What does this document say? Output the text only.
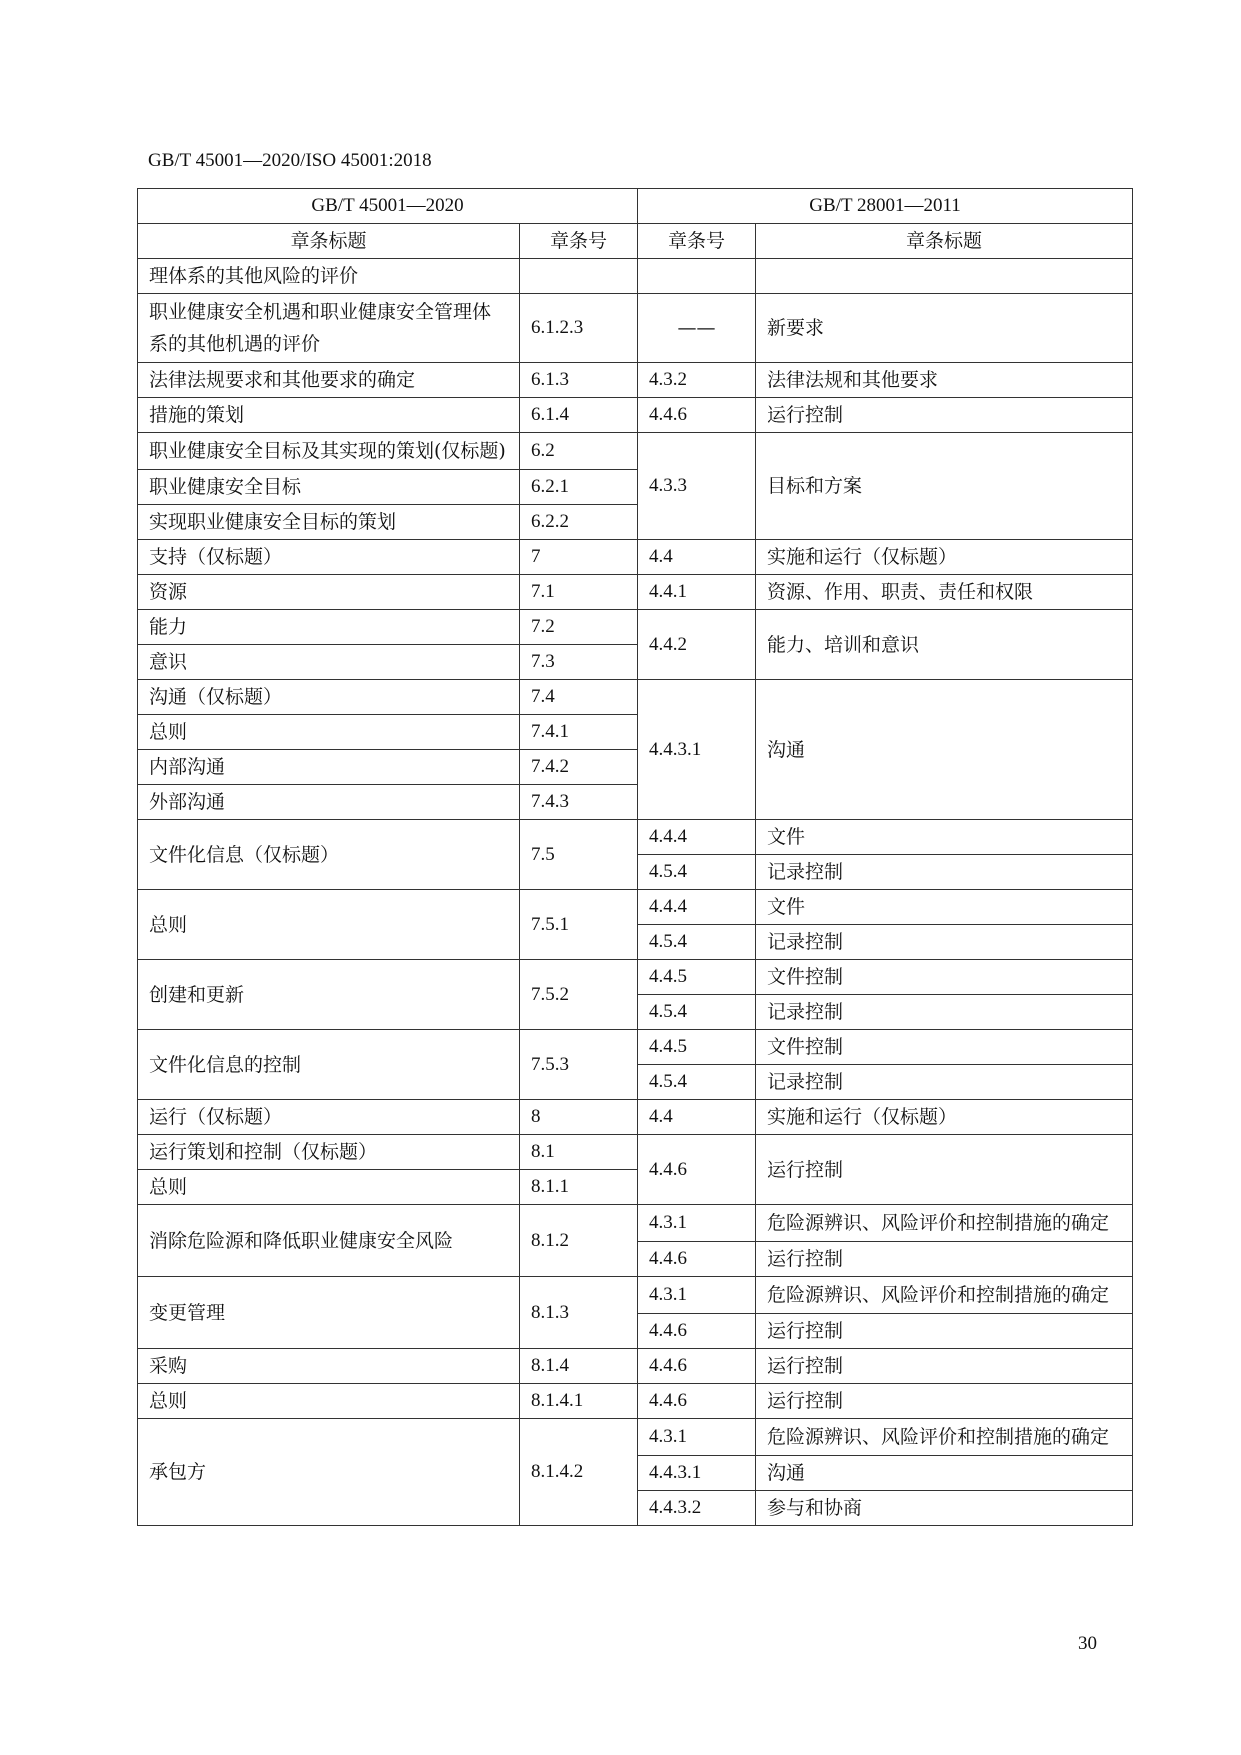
GB/T 45001—2020/ISO 45001:2018
GB/T 45001—2020		GB/T 28001—2011	
章条标题	章条号	章条号	章条标题
理体系的其他风险的评价			
职业健康安全机遇和职业健康安全管理体系的其他机遇的评价	6.1.2.3	——	新要求
法律法规要求和其他要求的确定	6.1.3	4.3.2	法律法规和其他要求
措施的策划	6.1.4	4.4.6	运行控制
职业健康安全目标及其实现的策划(仅标题)	6.2	4.3.3	目标和方案
职业健康安全目标	6.2.1		
实现职业健康安全目标的策划	6.2.2		
支持（仅标题）	7	4.4	实施和运行（仅标题）
资源	7.1	4.4.1	资源、作用、职责、责任和权限
能力	7.2	4.4.2	能力、培训和意识
意识	7.3		
沟通（仅标题）	7.4	4.4.3.1	沟通
总则	7.4.1		
内部沟通	7.4.2		
外部沟通	7.4.3		
文件化信息（仅标题）	7.5	4.4.4	文件
		4.5.4	记录控制
总则	7.5.1	4.4.4	文件
		4.5.4	记录控制
创建和更新	7.5.2	4.4.5	文件控制
		4.5.4	记录控制
文件化信息的控制	7.5.3	4.4.5	文件控制
		4.5.4	记录控制
运行（仅标题）	8	4.4	实施和运行（仅标题）
运行策划和控制（仅标题）	8.1	4.4.6	运行控制
总则	8.1.1		
消除危险源和降低职业健康安全风险	8.1.2	4.3.1	危险源辨识、风险评价和控制措施的确定
		4.4.6	运行控制
变更管理	8.1.3	4.3.1	危险源辨识、风险评价和控制措施的确定
		4.4.6	运行控制
采购	8.1.4	4.4.6	运行控制
总则	8.1.4.1	4.4.6	运行控制
承包方	8.1.4.2	4.3.1	危险源辨识、风险评价和控制措施的确定
		4.4.3.1	沟通
		4.4.3.2	参与和协商
30
